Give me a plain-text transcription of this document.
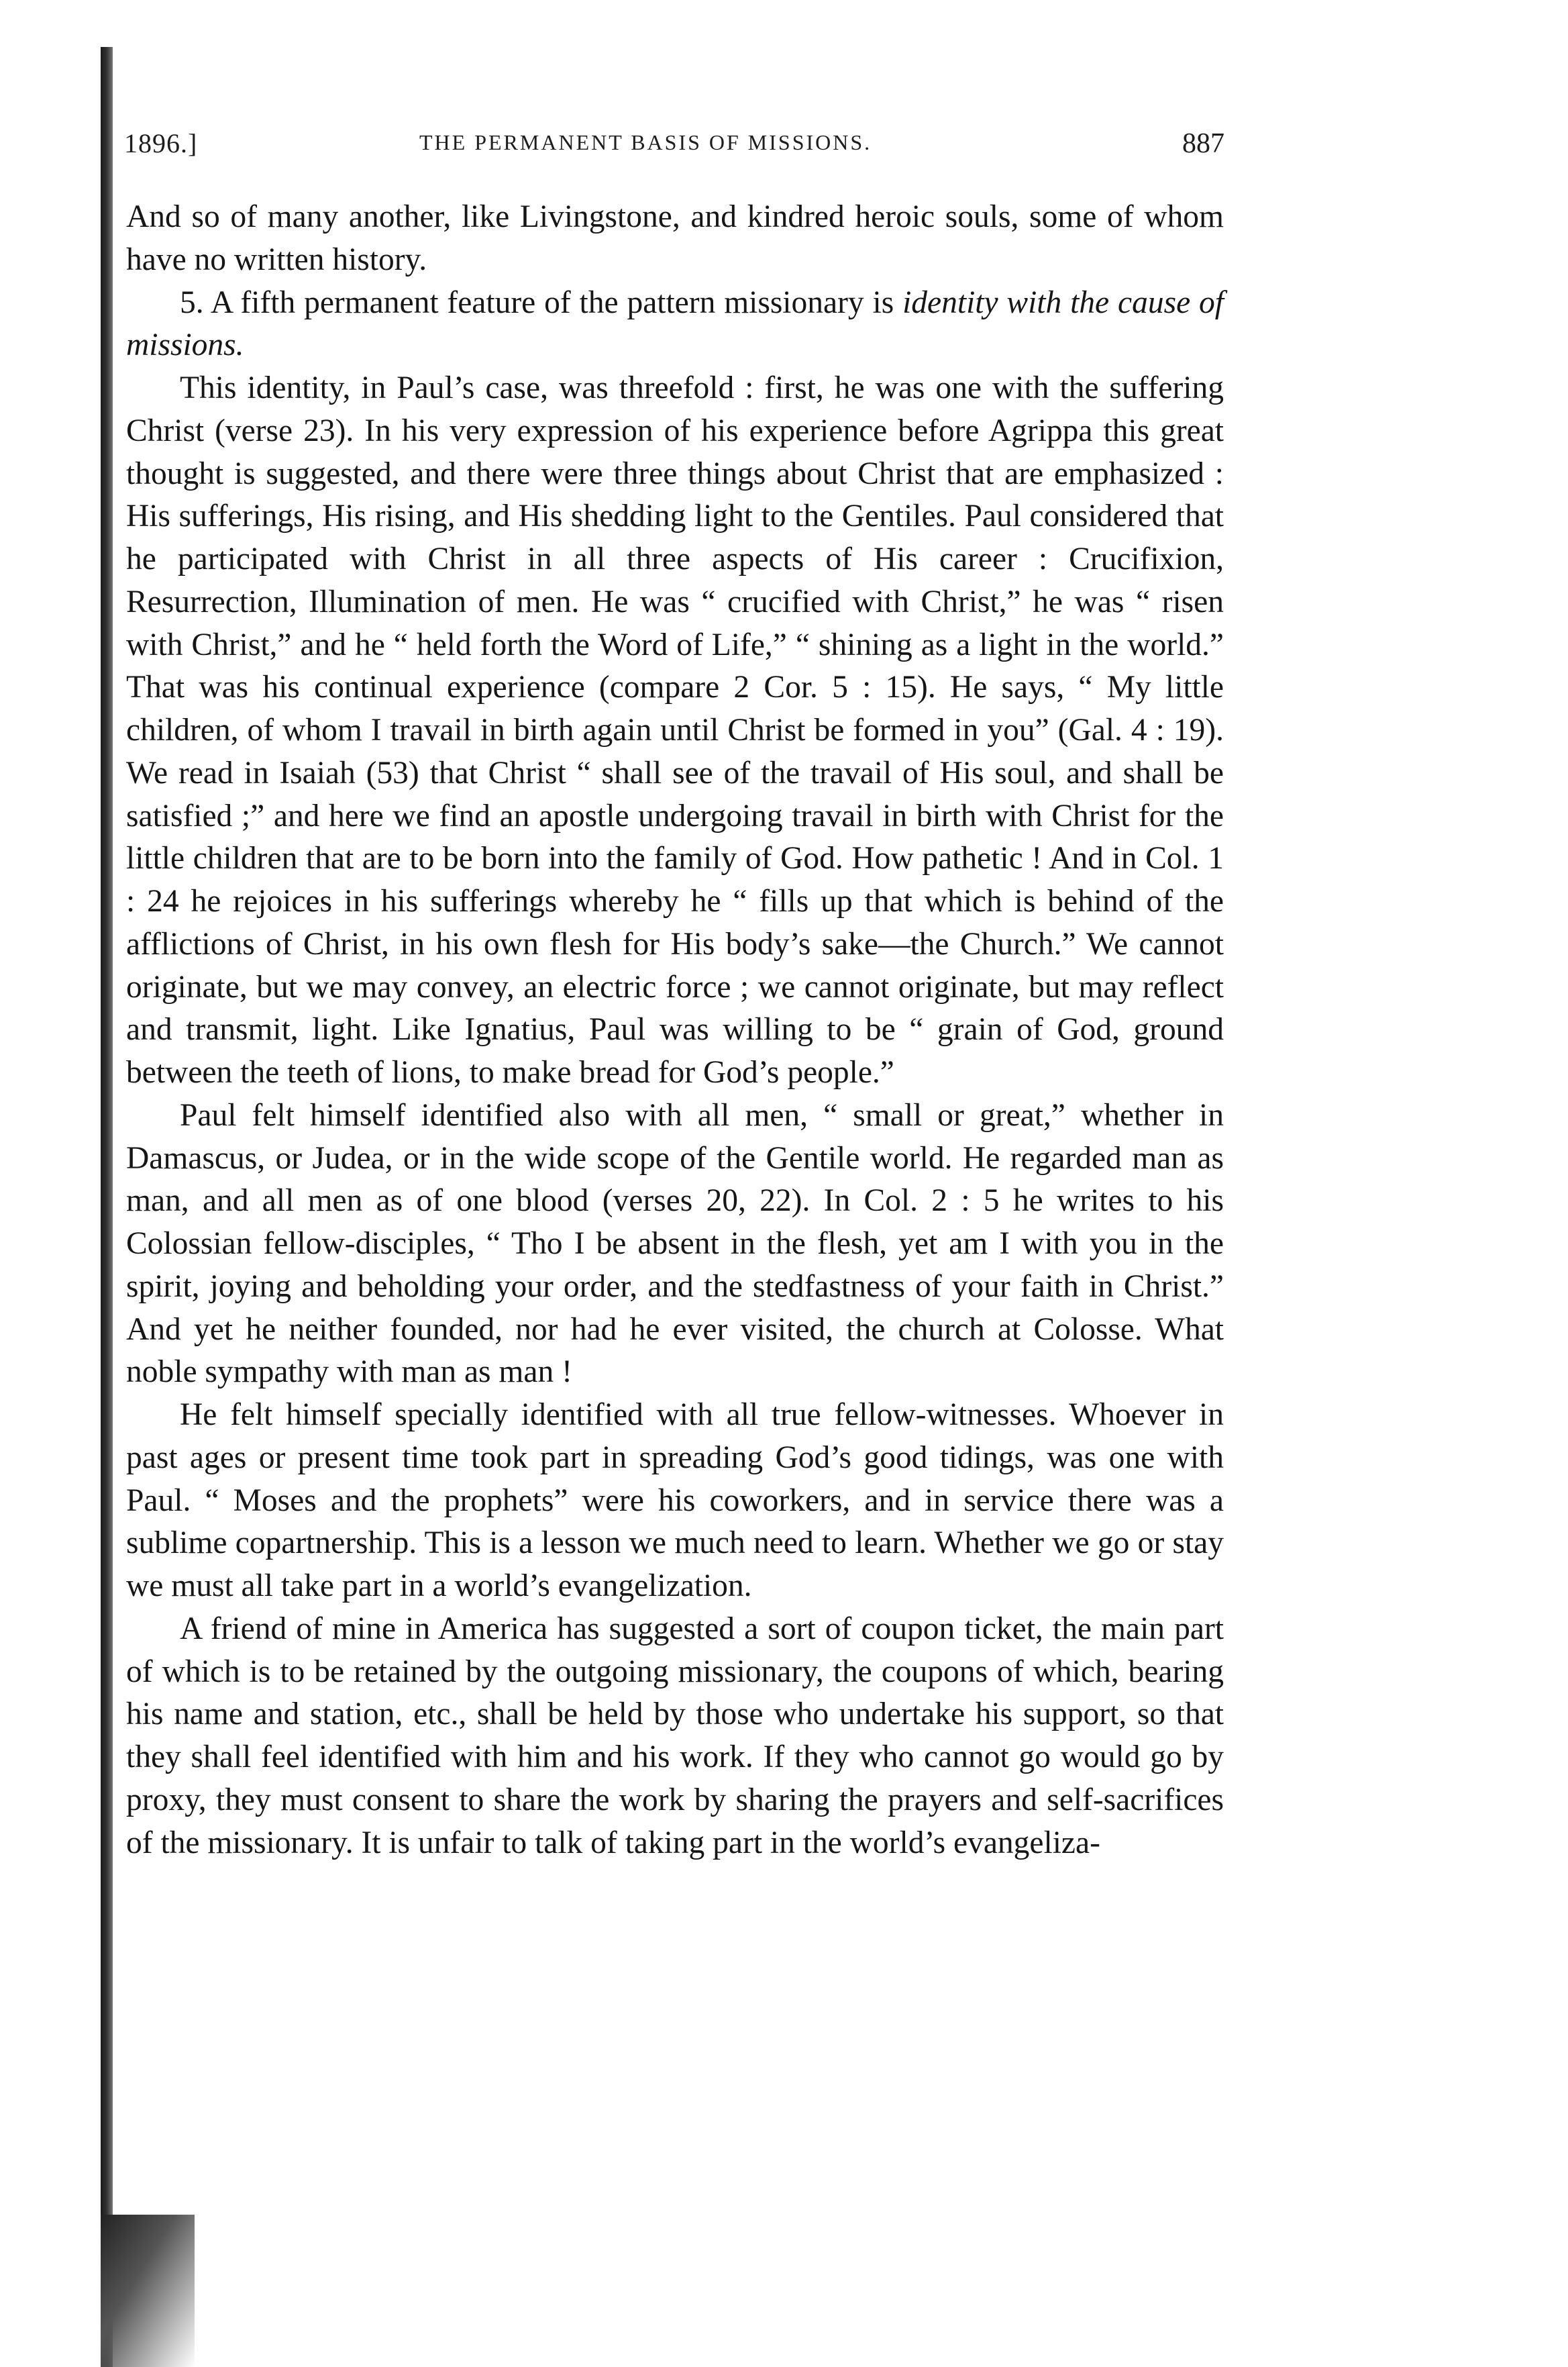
1896.]	THE PERMANENT BASIS OF MISSIONS.	887

And so of many another, like Livingstone, and kindred heroic souls, some of whom have no written history.

5. A fifth permanent feature of the pattern missionary is identity with the cause of missions.

This identity, in Paul’s case, was threefold : first, he was one with the suffering Christ (verse 23). In his very expression of his experience before Agrippa this great thought is suggested, and there were three things about Christ that are emphasized : His sufferings, His rising, and His shedding light to the Gentiles. Paul considered that he participated with Christ in all three aspects of His career : Crucifixion, Resurrection, Illumination of men. He was “ crucified with Christ,” he was “ risen with Christ,” and he “ held forth the Word of Life,” “ shining as a light in the world.” That was his continual experience (compare 2 Cor. 5 : 15). He says, “ My little children, of whom I travail in birth again until Christ be formed in you” (Gal. 4 : 19). We read in Isaiah (53) that Christ “ shall see of the travail of His soul, and shall be satisfied ;” and here we find an apostle undergoing travail in birth with Christ for the little children that are to be born into the family of God. How pathetic ! And in Col. 1 : 24 he rejoices in his sufferings whereby he “ fills up that which is behind of the afflictions of Christ, in his own flesh for His body’s sake—the Church.” We cannot originate, but we may convey, an electric force ; we cannot originate, but may reflect and transmit, light. Like Ignatius, Paul was willing to be “ grain of God, ground between the teeth of lions, to make bread for God’s people.”

Paul felt himself identified also with all men, “ small or great,” whether in Damascus, or Judea, or in the wide scope of the Gentile world. He regarded man as man, and all men as of one blood (verses 20, 22). In Col. 2 : 5 he writes to his Colossian fellow-disciples, “ Tho I be absent in the flesh, yet am I with you in the spirit, joying and beholding your order, and the stedfastness of your faith in Christ.” And yet he neither founded, nor had he ever visited, the church at Colosse. What noble sympathy with man as man !

He felt himself specially identified with all true fellow-witnesses. Whoever in past ages or present time took part in spreading God’s good tidings, was one with Paul. “ Moses and the prophets” were his coworkers, and in service there was a sublime copartnership. This is a lesson we much need to learn. Whether we go or stay we must all take part in a world’s evangelization.

A friend of mine in America has suggested a sort of coupon ticket, the main part of which is to be retained by the outgoing missionary, the coupons of which, bearing his name and station, etc., shall be held by those who undertake his support, so that they shall feel identified with him and his work. If they who cannot go would go by proxy, they must consent to share the work by sharing the prayers and self-sacrifices of the missionary. It is unfair to talk of taking part in the world’s evangeliza-
